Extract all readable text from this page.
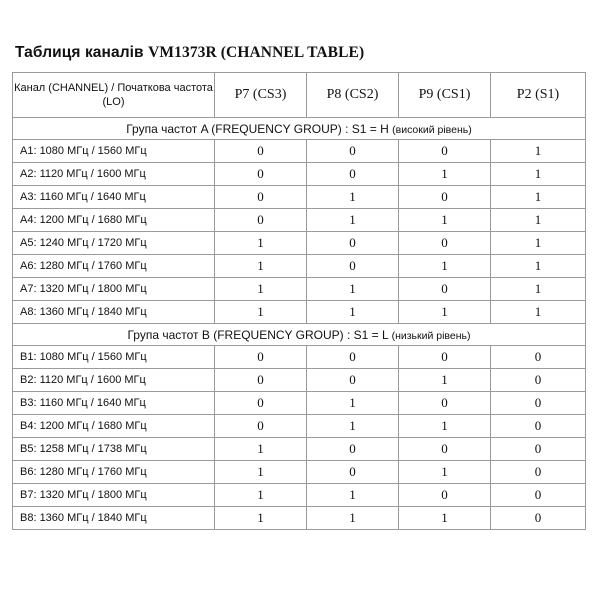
Таблиця каналів VM1373R (CHANNEL TABLE)
Канал (CHANNEL) / Початкова частота (LO)	P7 (CS3)	P8 (CS2)	P9 (CS1)	P2 (S1)
Група частот A (FREQUENCY GROUP) : S1 = H (високий рівень)				
A1: 1080 МГц / 1560 МГц	0	0	0	1
A2: 1120 МГц / 1600 МГц	0	0	1	1
A3: 1160 МГц / 1640 МГц	0	1	0	1
A4: 1200 МГц / 1680 МГц	0	1	1	1
A5: 1240 МГц / 1720 МГц	1	0	0	1
A6: 1280 МГц / 1760 МГц	1	0	1	1
A7: 1320 МГц / 1800 МГц	1	1	0	1
A8: 1360 МГц / 1840 МГц	1	1	1	1
Група частот B (FREQUENCY GROUP) : S1 = L (низький рівень)				
B1: 1080 МГц / 1560 МГц	0	0	0	0
B2: 1120 МГц / 1600 МГц	0	0	1	0
B3: 1160 МГц / 1640 МГц	0	1	0	0
B4: 1200 МГц / 1680 МГц	0	1	1	0
B5: 1258 МГц / 1738 МГц	1	0	0	0
B6: 1280 МГц / 1760 МГц	1	0	1	0
B7: 1320 МГц / 1800 МГц	1	1	0	0
B8: 1360 МГц / 1840 МГц	1	1	1	0
